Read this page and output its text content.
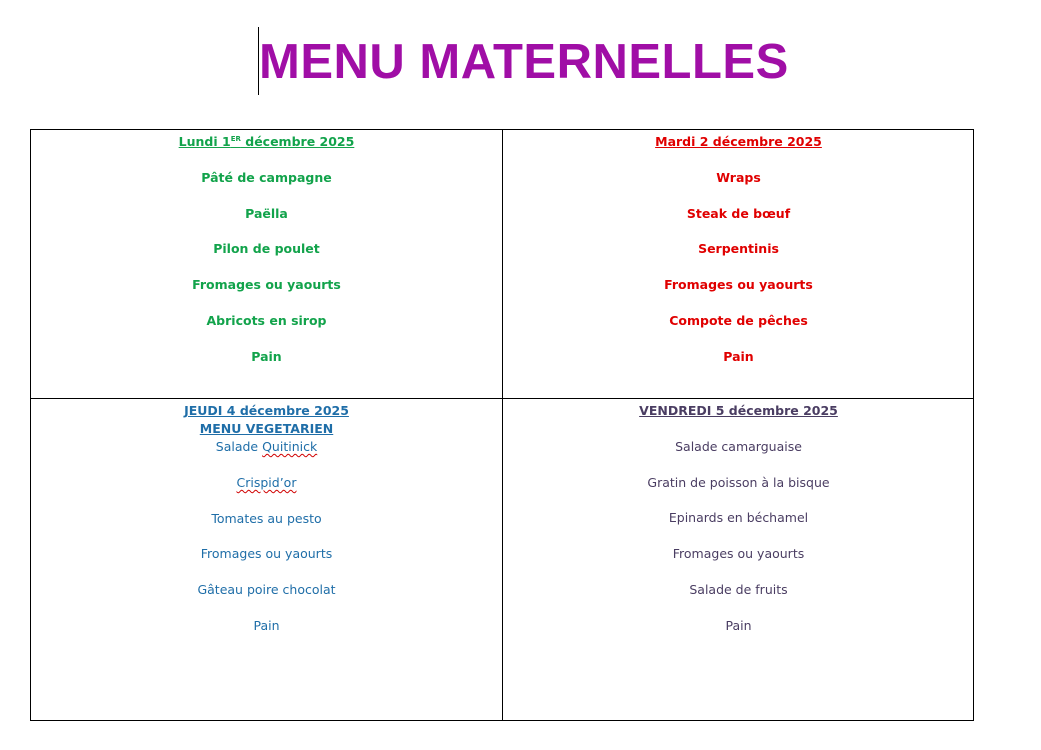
MENU MATERNELLES
Lundi 1ER décembre 2025
Pâté de campagne
Paëlla
Pilon de poulet
Fromages ou yaourts
Abricots en sirop
Pain
Mardi 2 décembre 2025
Wraps
Steak de bœuf
Serpentinis
Fromages ou yaourts
Compote de pêches
Pain
JEUDI 4 décembre 2025
MENU VEGETARIEN
Salade Quitinick
Crispid’or
Tomates au pesto
Fromages ou yaourts
Gâteau poire chocolat
Pain
VENDREDI 5 décembre 2025
Salade camarguaise
Gratin de poisson à la bisque
Epinards en béchamel
Fromages ou yaourts
Salade de fruits
Pain
